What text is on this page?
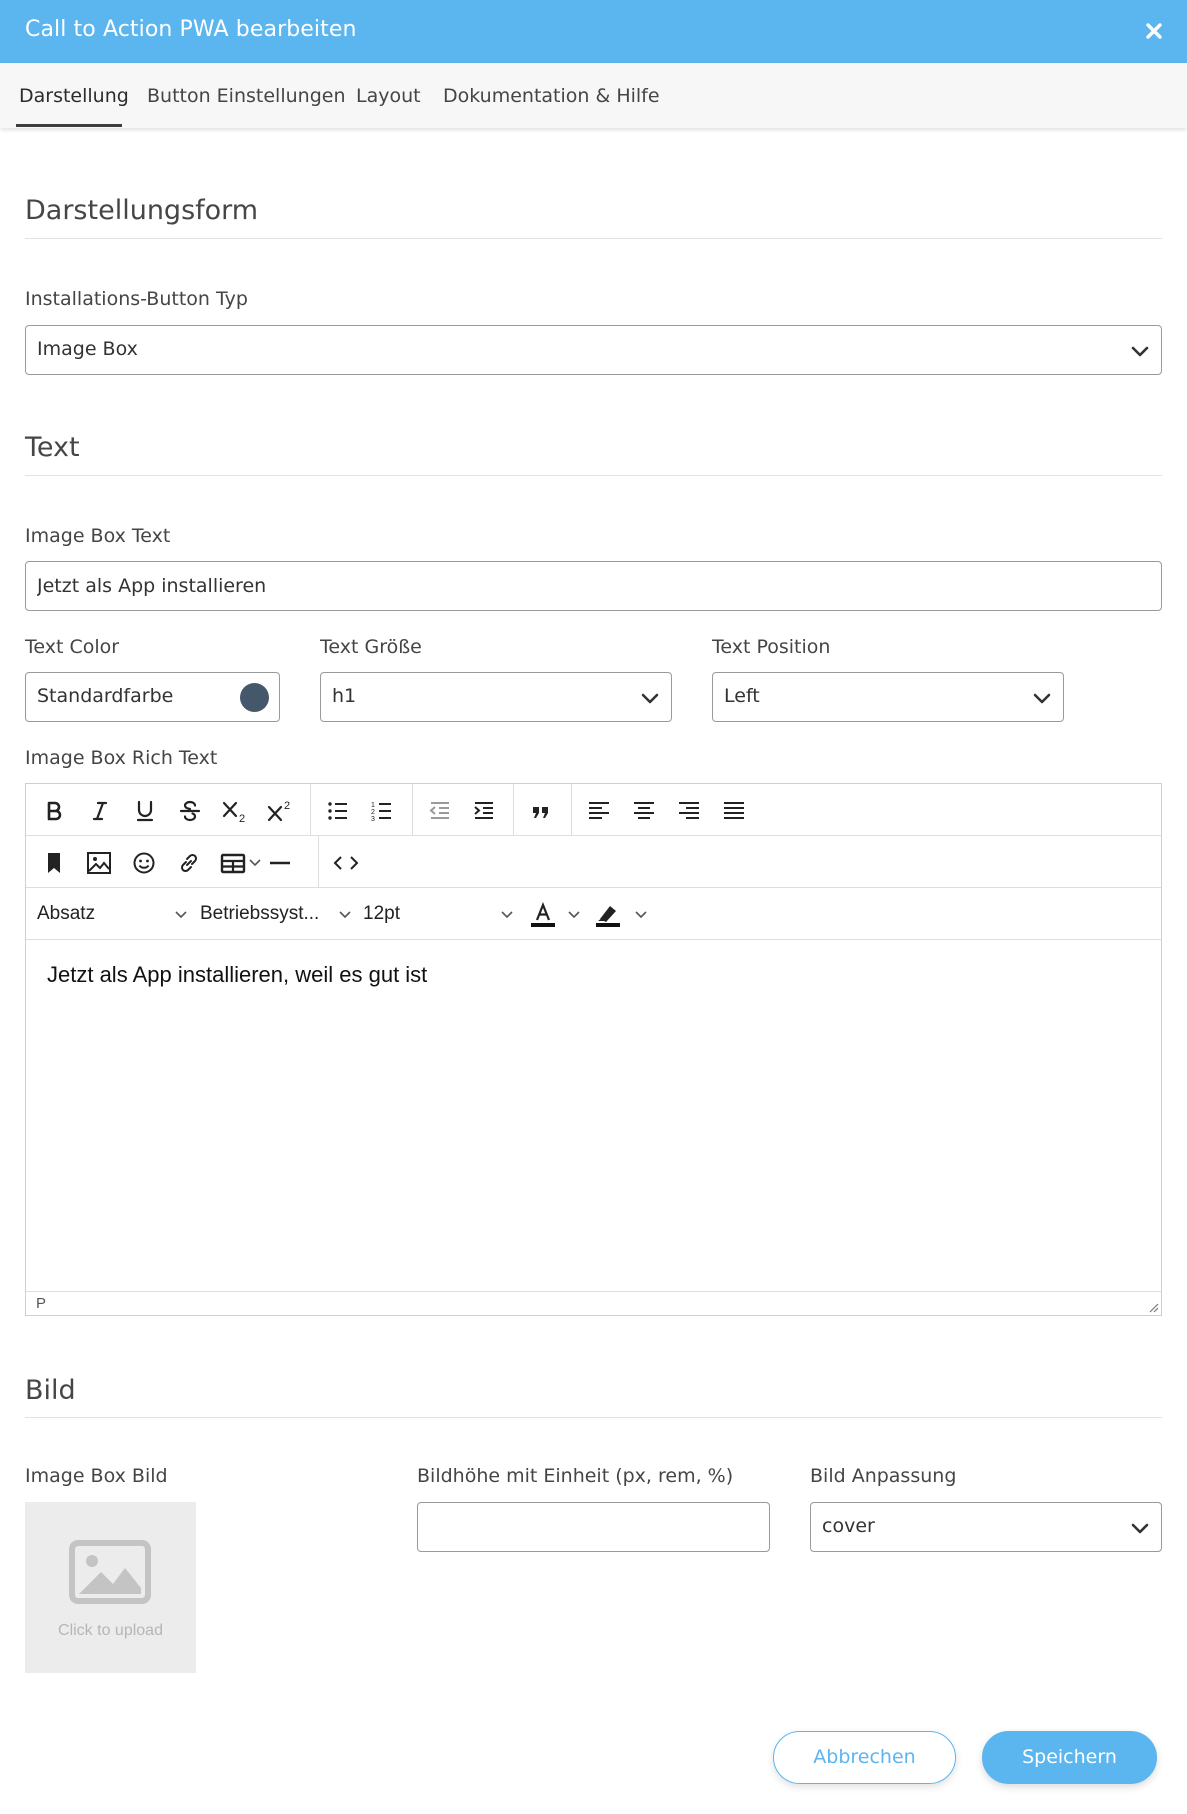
Call to Action PWA bearbeiten
Darstellung Button Einstellungen Layout Dokumentation & Hilfe
Darstellungsform
Installations-Button Typ
Image Box
Text
Image Box Text
Jetzt als App installieren
Text Color
Standardfarbe
Text Größe
h1
Text Position
Left
Image Box Rich Text
2
2	1
2
3
Absatz	Betriebssyst... 12pt
Jetzt als App installieren, weil es gut ist
P
Bild
Image Box Bild
Click to upload
Bildhöhe mit Einheit (px, rem, %)	Bild Anpassung
cover
Abbrechen	Speichern
